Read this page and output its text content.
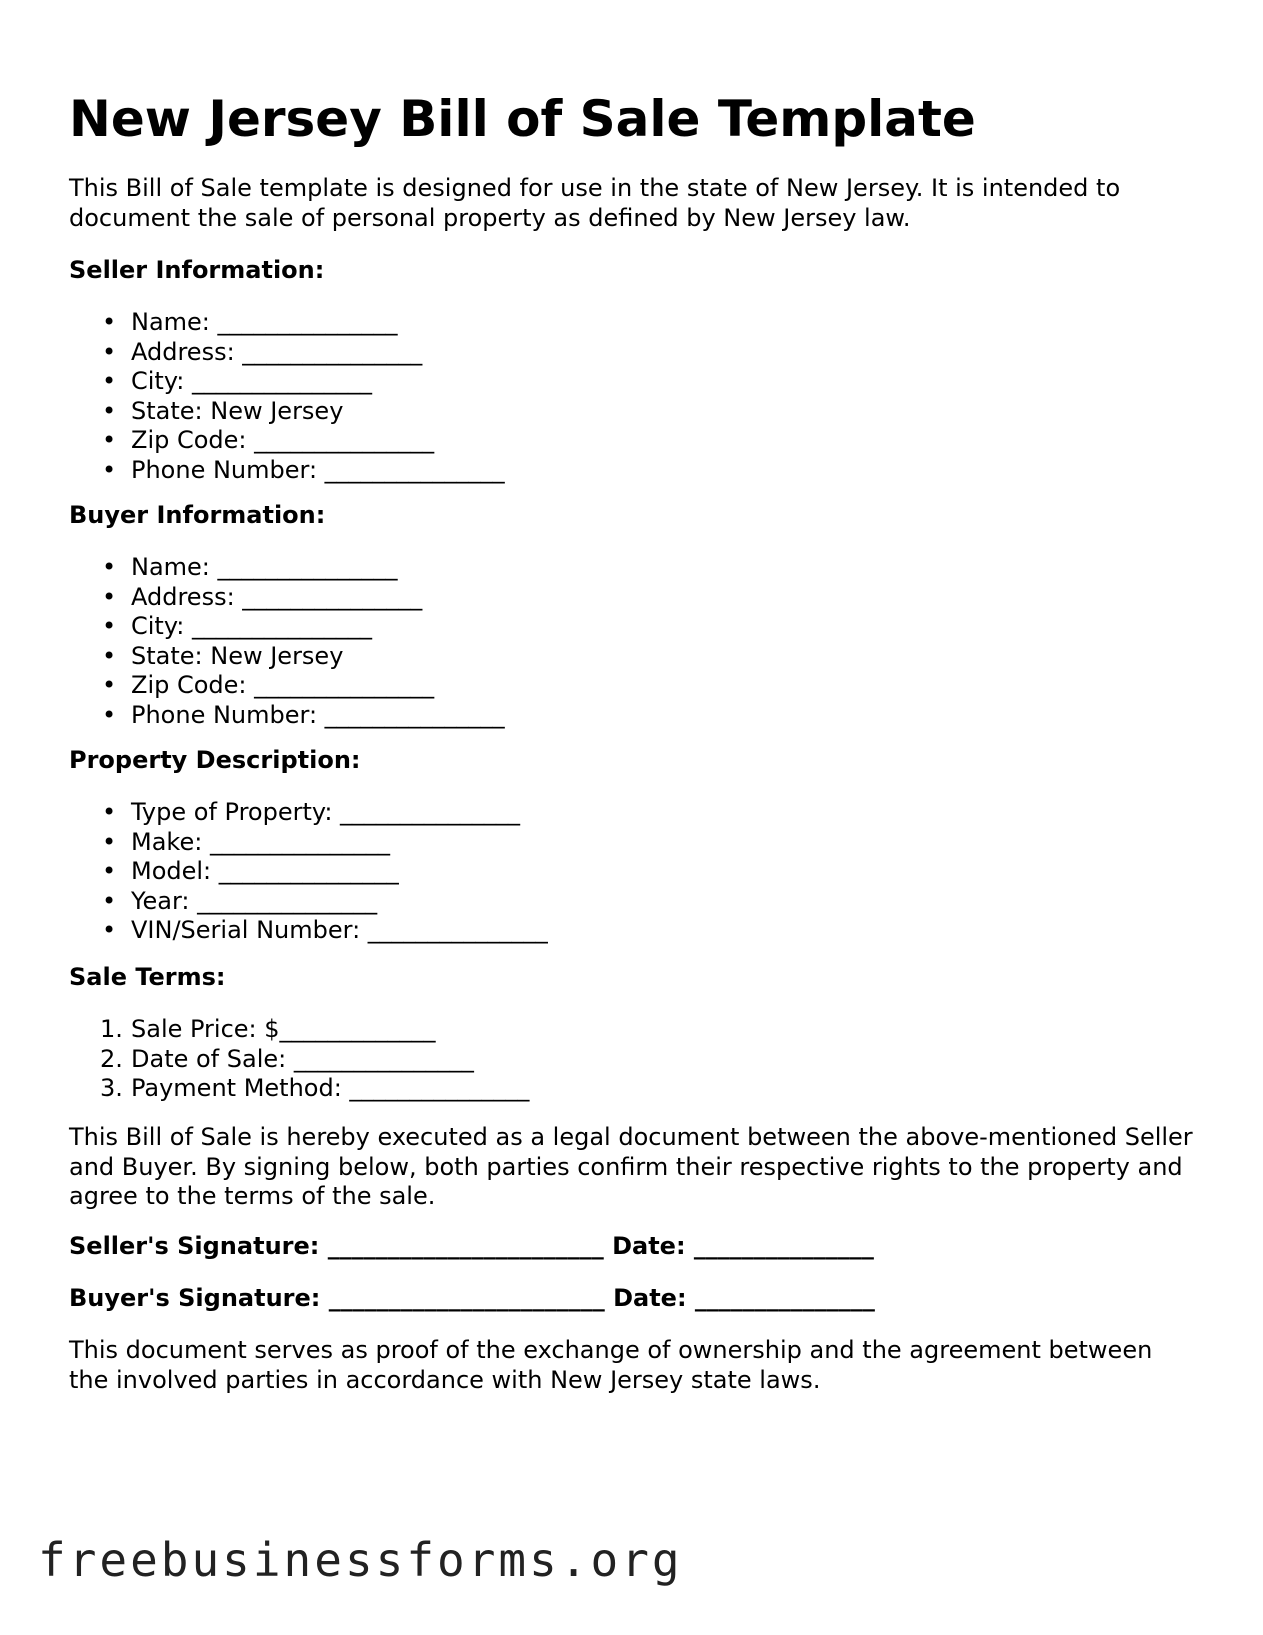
New Jersey Bill of Sale Template

This Bill of Sale template is designed for use in the state of New Jersey. It is intended to document the sale of personal property as defined by New Jersey law.

Seller Information:

• Name: _______________
• Address: _______________
• City: _______________
• State: New Jersey
• Zip Code: _______________
• Phone Number: _______________

Buyer Information:

• Name: _______________
• Address: _______________
• City: _______________
• State: New Jersey
• Zip Code: _______________
• Phone Number: _______________

Property Description:

• Type of Property: _______________
• Make: _______________
• Model: _______________
• Year: _______________
• VIN/Serial Number: _______________

Sale Terms:

1. Sale Price: $_____________
2. Date of Sale: _______________
3. Payment Method: _______________

This Bill of Sale is hereby executed as a legal document between the above-mentioned Seller and Buyer. By signing below, both parties confirm their respective rights to the property and agree to the terms of the sale.

Seller's Signature: _______________________ Date: _______________

Buyer's Signature: _______________________ Date: _______________

This document serves as proof of the exchange of ownership and the agreement between the involved parties in accordance with New Jersey state laws.

freebusinessforms.org
